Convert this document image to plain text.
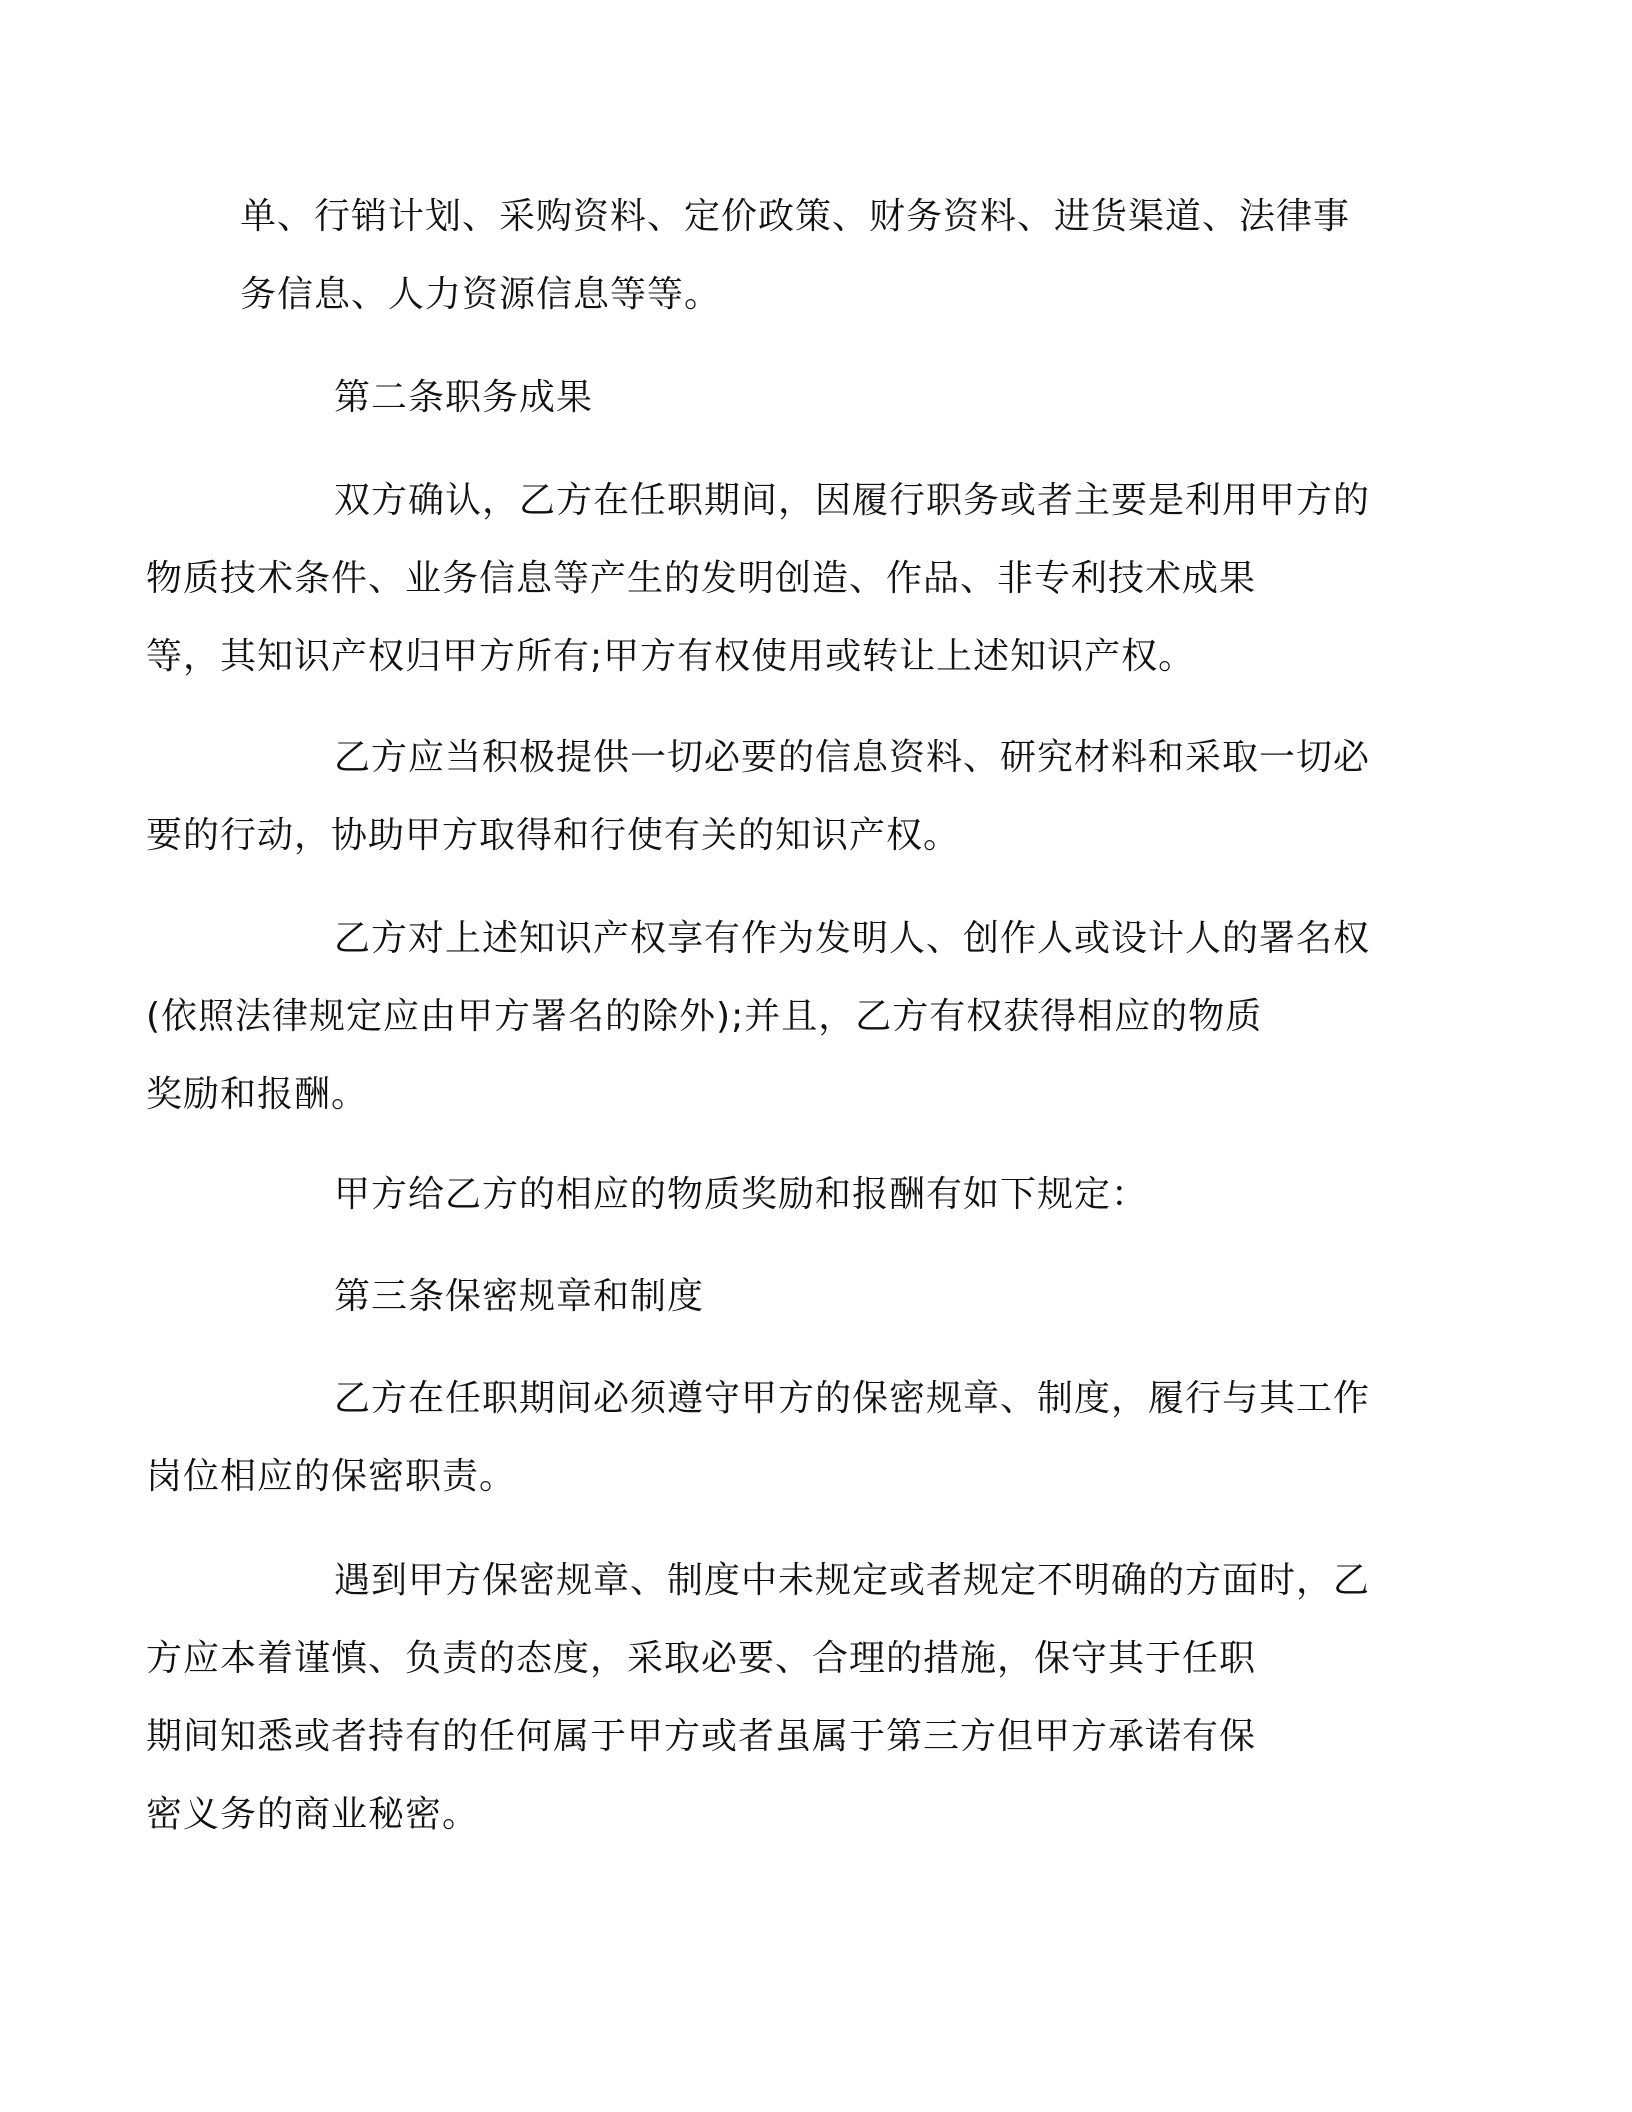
单、行销计划、采购资料、定价政策、财务资料、进货渠道、法律事
务信息、人力资源信息等等。
第二条职务成果
双方确认，乙方在任职期间，因履行职务或者主要是利用甲方的
物质技术条件、业务信息等产生的发明创造、作品、非专利技术成果
等，其知识产权归甲方所有;甲方有权使用或转让上述知识产权。
乙方应当积极提供一切必要的信息资料、研究材料和采取一切必
要的行动，协助甲方取得和行使有关的知识产权。
乙方对上述知识产权享有作为发明人、创作人或设计人的署名权
(依照法律规定应由甲方署名的除外);并且，乙方有权获得相应的物质
奖励和报酬。
甲方给乙方的相应的物质奖励和报酬有如下规定：
第三条保密规章和制度
乙方在任职期间必须遵守甲方的保密规章、制度，履行与其工作
岗位相应的保密职责。
遇到甲方保密规章、制度中未规定或者规定不明确的方面时，乙
方应本着谨慎、负责的态度，采取必要、合理的措施，保守其于任职
期间知悉或者持有的任何属于甲方或者虽属于第三方但甲方承诺有保
密义务的商业秘密。
